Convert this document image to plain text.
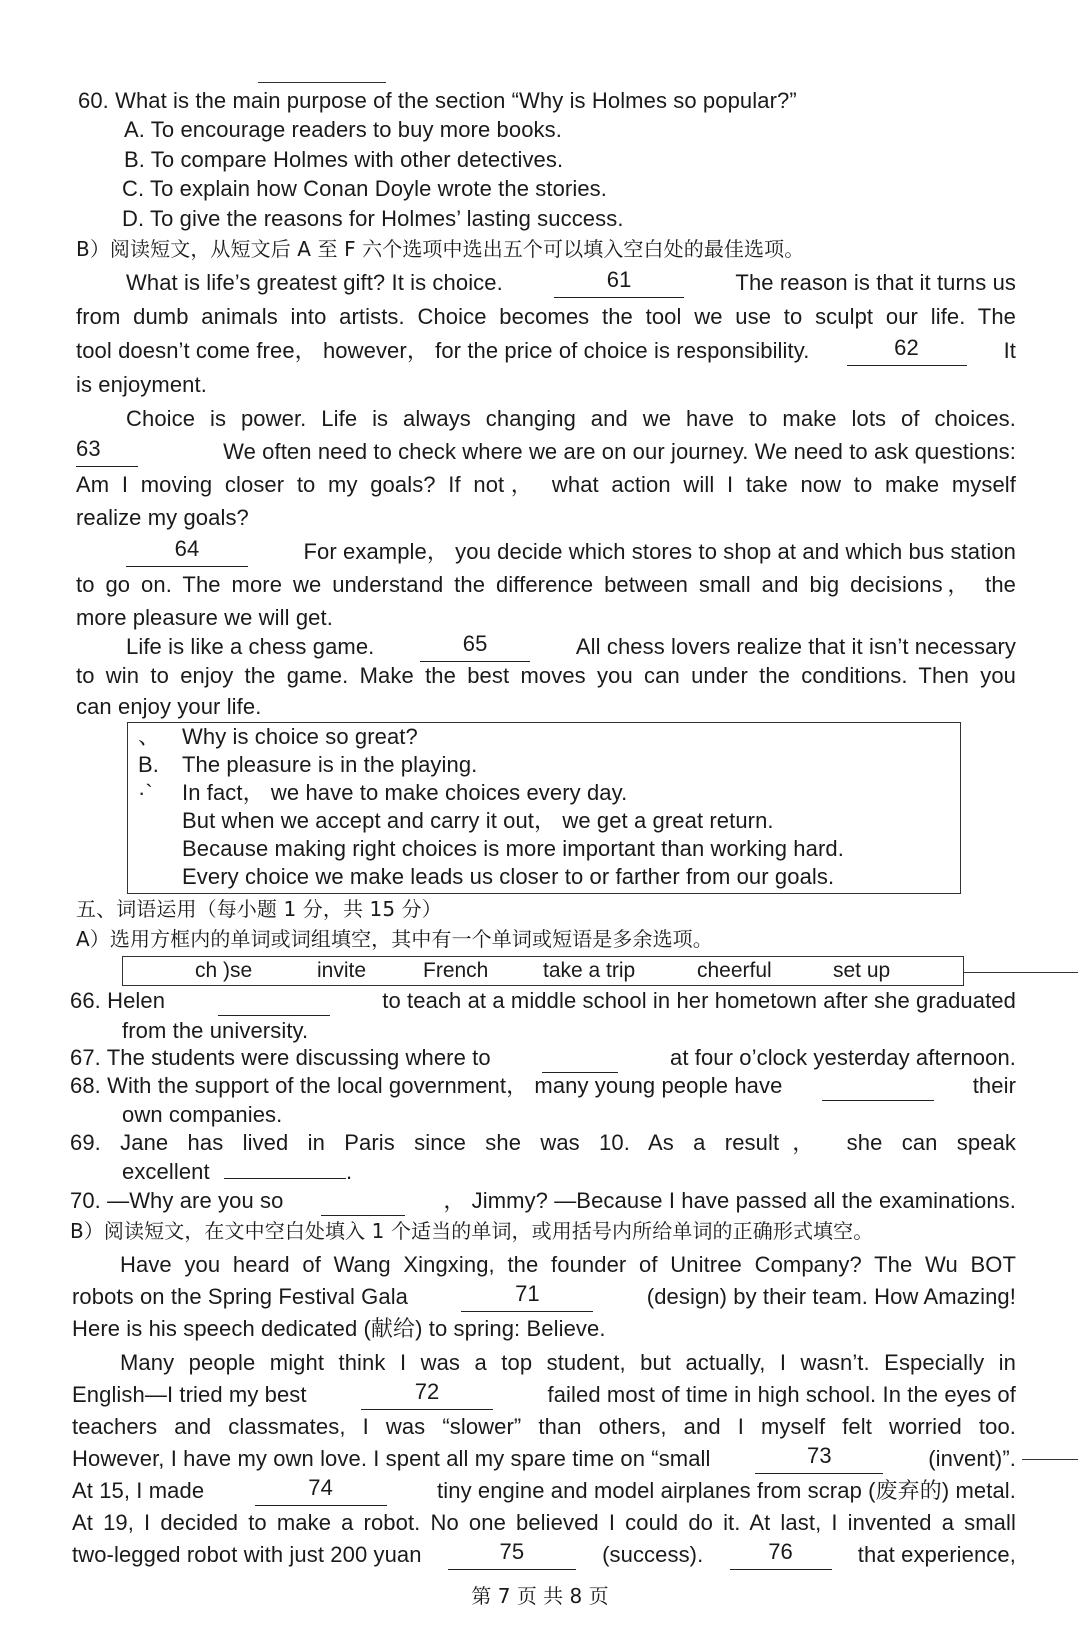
60. What is the main purpose of the section “Why is Holmes so popular?”
A. To encourage readers to buy more books.
B. To compare Holmes with other detectives.
C. To explain how Conan Doyle wrote the stories.
D. To give the reasons for Holmes’ lasting success.
B）阅读短文，从短文后 A 至 F 六个选项中选出五个可以填入空白处的最佳选项。
What is life’s greatest gift? It is choice.	61	The reason is that it turns us
from dumb animals into artists. Choice becomes the tool we use to sculpt our life. The
tool doesn’t come free， however， for the price of choice is responsibility.	62	It
is enjoyment.
Choice is power. Life is always changing and we have to make lots of choices.
63	We often need to check where we are on our journey. We need to ask questions:
Am I moving closer to my goals? If not， what action will I take now to make myself
realize my goals?
64	For example， you decide which stores to shop at and which bus station
to go on. The more we understand the difference between small and big decisions， the
more pleasure we will get.
Life is like a chess game.	65	All chess lovers realize that it isn’t necessary
to win to enjoy the game. Make the best moves you can under the conditions. Then you
can enjoy your life.
、 Why is choice so great?
B. The pleasure is in the playing.
·` In fact， we have to make choices every day.
But when we accept and carry it out， we get a great return.
Because making right choices is more important than working hard.
Every choice we make leads us closer to or farther from our goals.
五、词语运用（每小题 1 分，共 15 分）
A）选用方框内的单词或词组填空，其中有一个单词或短语是多余选项。
ch )se	invite	French	take a trip	cheerful	set up
66. Helen	to teach at a middle school in her hometown after she graduated
from the university.
67. The students were discussing where to	at four o’clock yesterday afternoon.
68. With the support of the local government， many young people have	their
own companies.
69. Jane has lived in Paris since she was 10. As a result， she can speak
excellent	.
70. —Why are you so	， Jimmy? —Because I have passed all the examinations.
B）阅读短文，在文中空白处填入 1 个适当的单词，或用括号内所给单词的正确形式填空。
Have you heard of Wang Xingxing, the founder of Unitree Company? The Wu BOT
robots on the Spring Festival Gala	71	(design) by their team. How Amazing!
Here is his speech dedicated (献给) to spring: Believe.
Many people might think I was a top student, but actually, I wasn’t. Especially in
English—I tried my best	72	failed most of time in high school. In the eyes of
teachers and classmates, I was “slower” than others, and I myself felt worried too.
However, I have my own love. I spent all my spare time on “small	73	(invent)”.
At 15, I made	74	tiny engine and model airplanes from scrap (废弃的) metal.
At 19, I decided to make a robot. No one believed I could do it. At last, I invented a small
two-legged robot with just 200 yuan	75	(success).	76	that experience,
第 7 页 共 8 页
